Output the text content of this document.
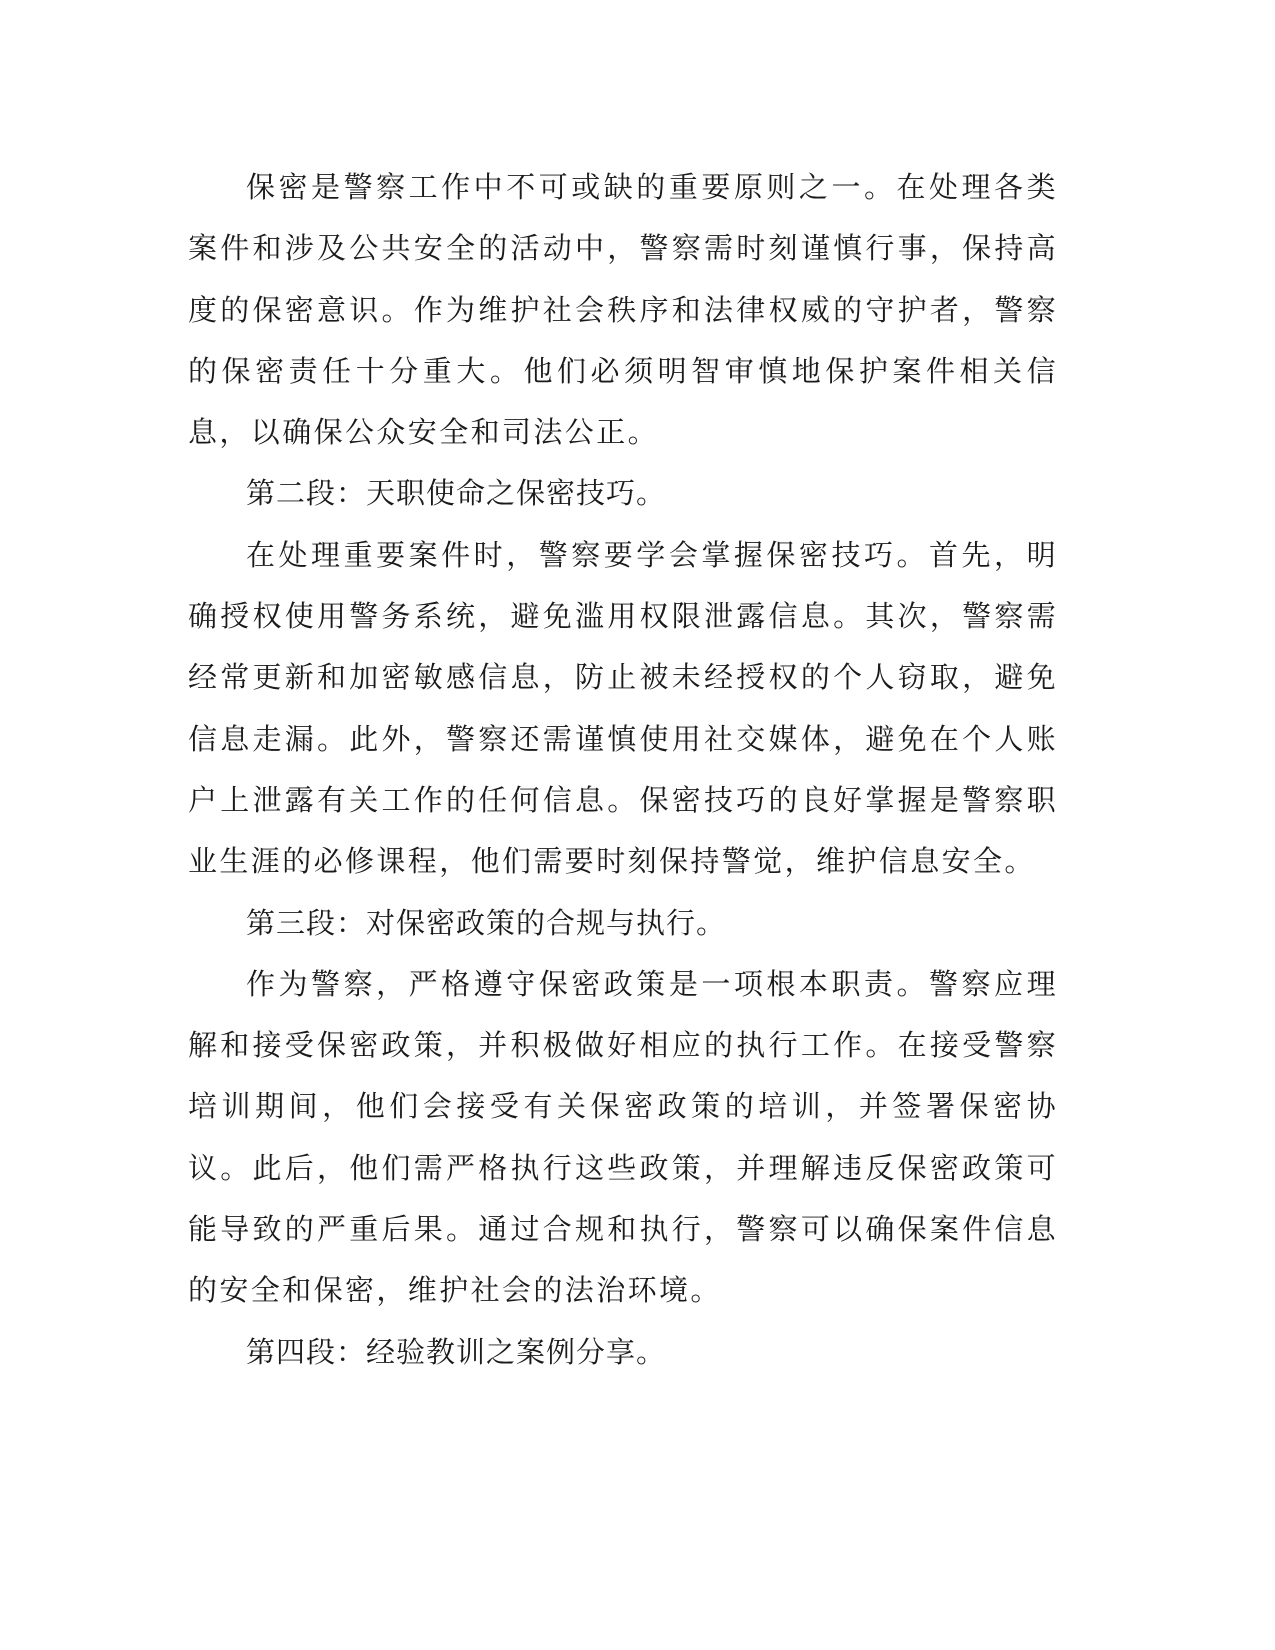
保密是警察工作中不可或缺的重要原则之一。在处理各类案件和涉及公共安全的活动中，警察需时刻谨慎行事，保持高度的保密意识。作为维护社会秩序和法律权威的守护者，警察的保密责任十分重大。他们必须明智审慎地保护案件相关信息，以确保公众安全和司法公正。

第二段：天职使命之保密技巧。

在处理重要案件时，警察要学会掌握保密技巧。首先，明确授权使用警务系统，避免滥用权限泄露信息。其次，警察需经常更新和加密敏感信息，防止被未经授权的个人窃取，避免信息走漏。此外，警察还需谨慎使用社交媒体，避免在个人账户上泄露有关工作的任何信息。保密技巧的良好掌握是警察职业生涯的必修课程，他们需要时刻保持警觉，维护信息安全。

第三段：对保密政策的合规与执行。

作为警察，严格遵守保密政策是一项根本职责。警察应理解和接受保密政策，并积极做好相应的执行工作。在接受警察培训期间，他们会接受有关保密政策的培训，并签署保密协议。此后，他们需严格执行这些政策，并理解违反保密政策可能导致的严重后果。通过合规和执行，警察可以确保案件信息的安全和保密，维护社会的法治环境。

第四段：经验教训之案例分享。
